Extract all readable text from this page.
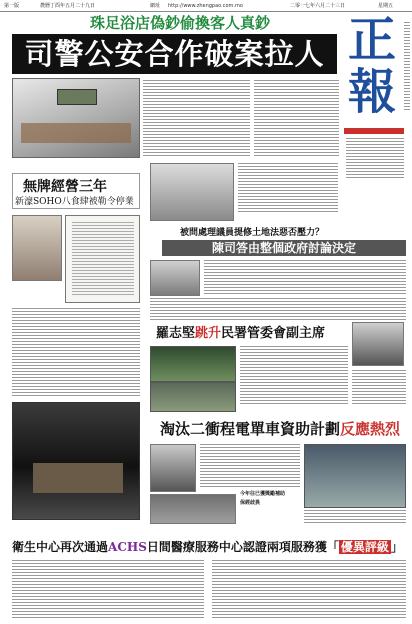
第一版	農曆丁酉年五月二十九日	網址 http://www.zhengpao.com.mo	二零一七年六月二十三日	星期五
珠足浴店偽鈔偷換客人真鈔
司警公安合作破案拉人 正
報
無牌經營三年
新濠SOHO八食肆被勒令停業
被問處理議員提修土地法惡否壓力？
陳司答由整個政府討論決定
羅志堅跳升民署管委會副主席
淘汰二衝程電單車資助計劃反應熱烈
今年往已獲獎勵補助
保經歧異
衛生中心再次通過ACHS日間醫療服務中心認證兩項服務獲「 優異評級 」
